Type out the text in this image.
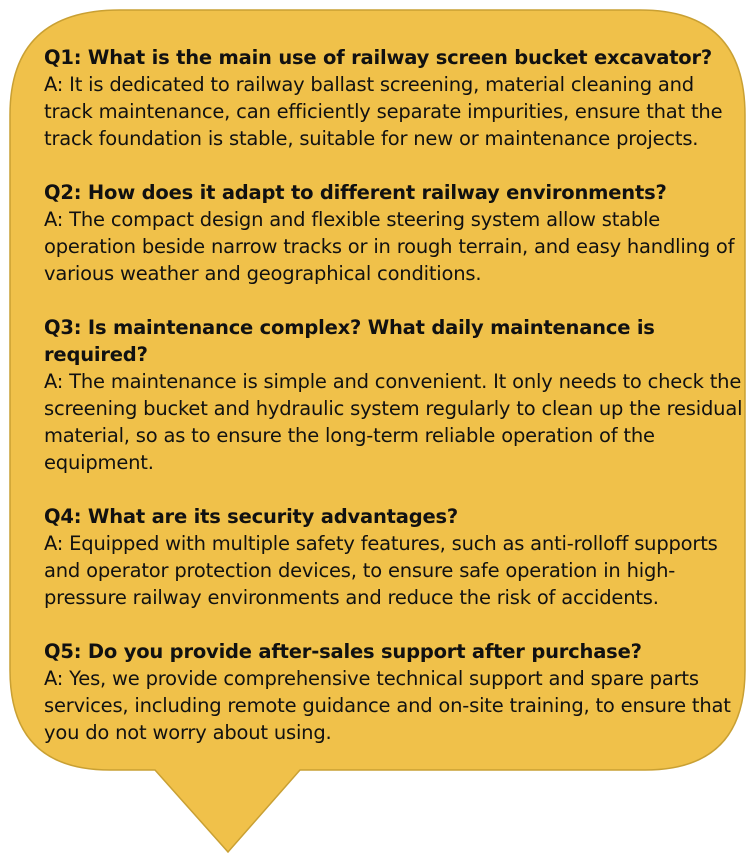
Q1: What is the main use of railway screen bucket excavator?
A: It is dedicated to railway ballast screening, material cleaning and track maintenance, can efficiently separate impurities, ensure that the track foundation is stable, suitable for new or maintenance projects.
Q2: How does it adapt to different railway environments?
A: The compact design and flexible steering system allow stable operation beside narrow tracks or in rough terrain, and easy handling of various weather and geographical conditions.
Q3: Is maintenance complex? What daily maintenance is required?
A: The maintenance is simple and convenient. It only needs to check the screening bucket and hydraulic system regularly to clean up the residual material, so as to ensure the long-term reliable operation of the equipment.
Q4: What are its security advantages?
A: Equipped with multiple safety features, such as anti-rolloff supports and operator protection devices, to ensure safe operation in high-pressure railway environments and reduce the risk of accidents.
Q5: Do you provide after-sales support after purchase?
A: Yes, we provide comprehensive technical support and spare parts services, including remote guidance and on-site training, to ensure that you do not worry about using.
